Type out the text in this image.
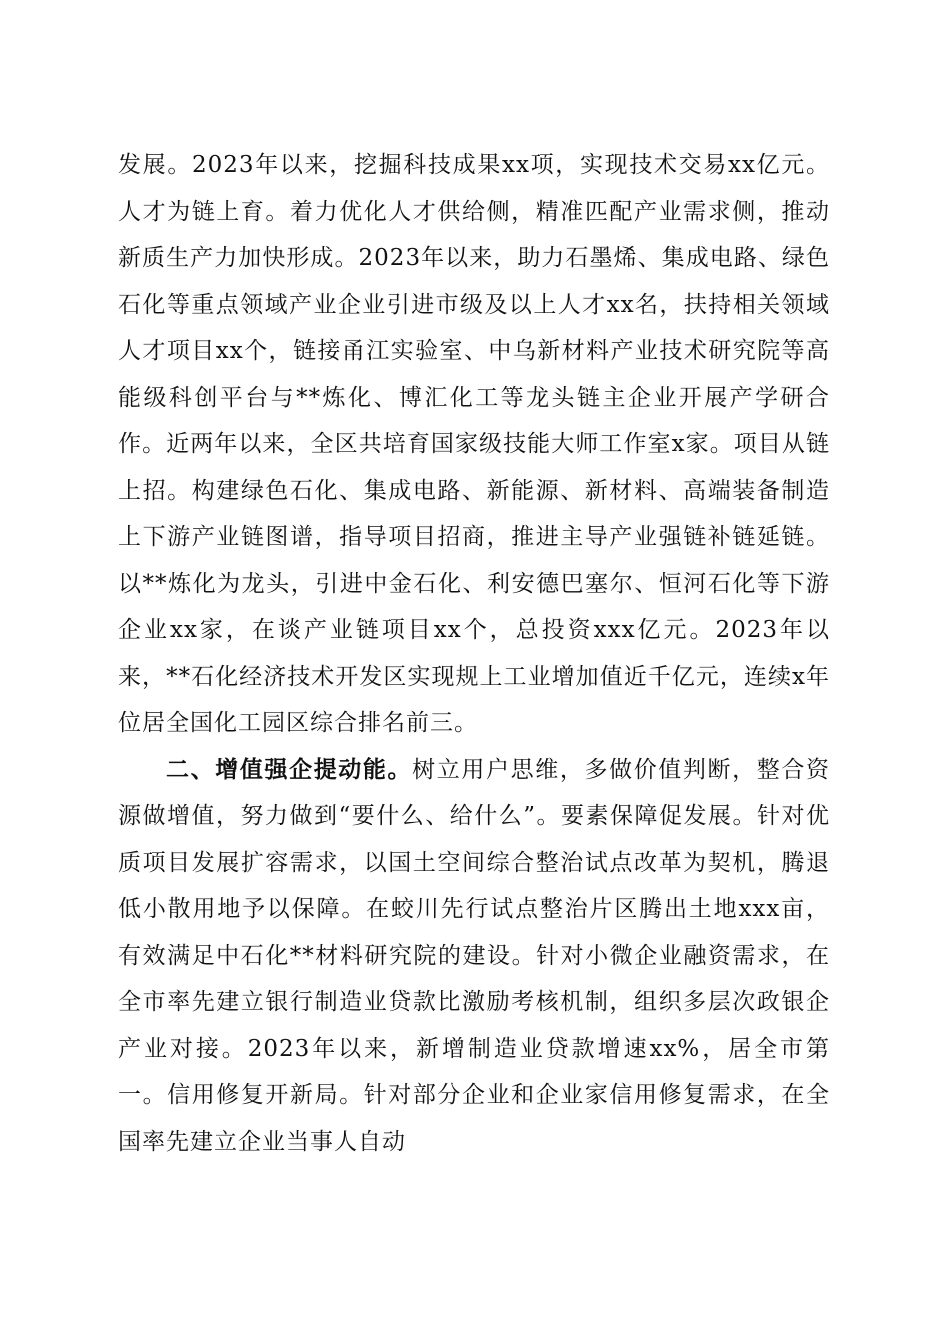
发展。2023年以来，挖掘科技成果xx项，实现技术交易xx亿元。人才为链上育。着力优化人才供给侧，精准匹配产业需求侧，推动新质生产力加快形成。2023年以来，助力石墨烯、集成电路、绿色石化等重点领域产业企业引进市级及以上人才xx名，扶持相关领域人才项目xx个，链接甬江实验室、中乌新材料产业技术研究院等高能级科创平台与**炼化、博汇化工等龙头链主企业开展产学研合作。近两年以来，全区共培育国家级技能大师工作室x家。项目从链上招。构建绿色石化、集成电路、新能源、新材料、高端装备制造上下游产业链图谱，指导项目招商，推进主导产业强链补链延链。以**炼化为龙头，引进中金石化、利安德巴塞尔、恒河石化等下游企业xx家，在谈产业链项目xx个，总投资xxx亿元。2023年以来，**石化经济技术开发区实现规上工业增加值近千亿元，连续x年位居全国化工园区综合排名前三。

二、增值强企提动能。树立用户思维，多做价值判断，整合资源做增值，努力做到“要什么、给什么”。要素保障促发展。针对优质项目发展扩容需求，以国土空间综合整治试点改革为契机，腾退低小散用地予以保障。在蛟川先行试点整治片区腾出土地xxx亩，有效满足中石化**材料研究院的建设。针对小微企业融资需求，在全市率先建立银行制造业贷款比激励考核机制，组织多层次政银企产业对接。2023年以来，新增制造业贷款增速xx%，居全市第一。信用修复开新局。针对部分企业和企业家信用修复需求，在全国率先建立企业当事人自动
